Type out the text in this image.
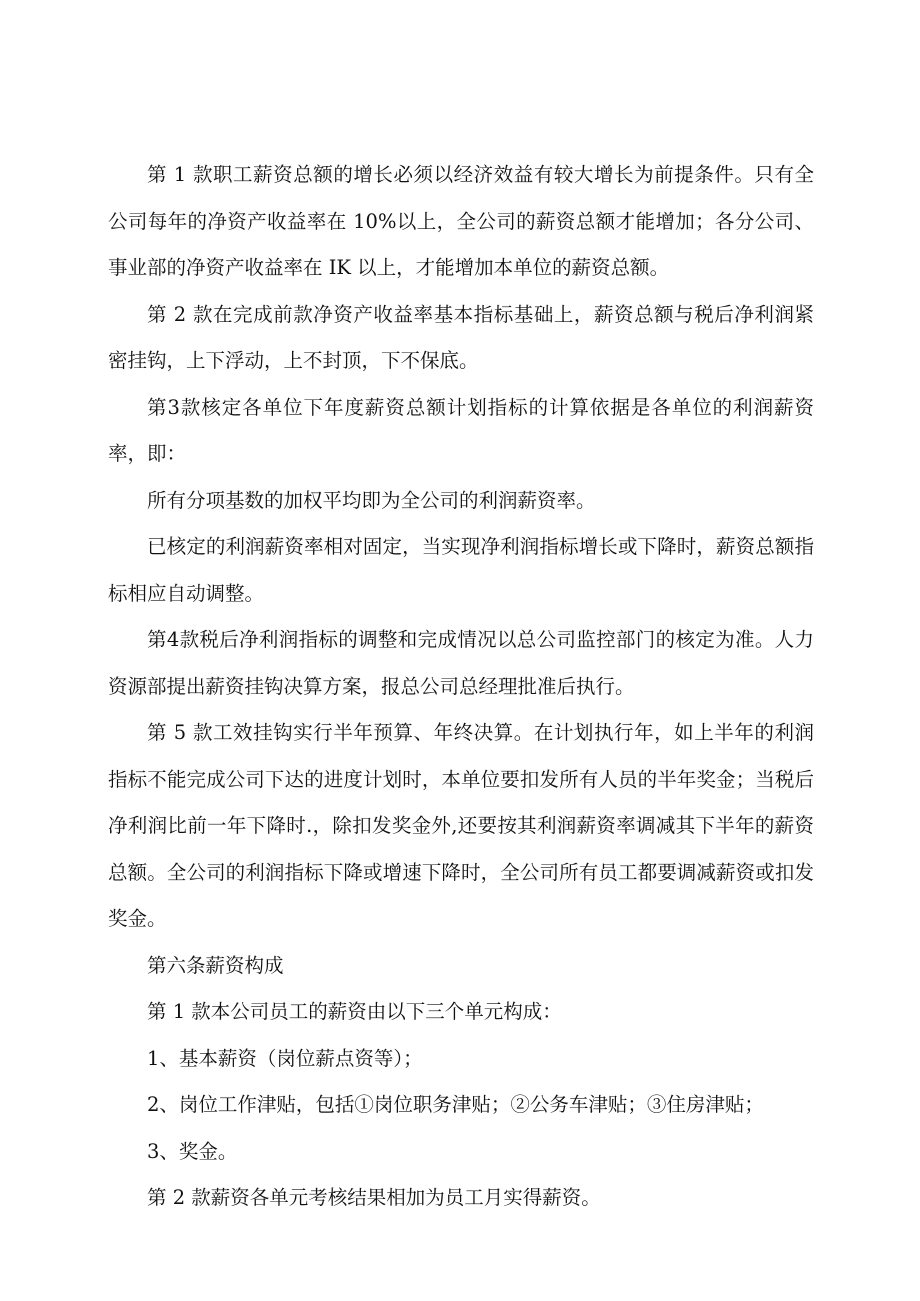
第 1 款职工薪资总额的增长必须以经济效益有较大增长为前提条件。只有全公司每年的净资产收益率在 10%以上，全公司的薪资总额才能增加；各分公司、事业部的净资产收益率在 IK 以上，才能增加本单位的薪资总额。

第 2 款在完成前款净资产收益率基本指标基础上，薪资总额与税后净利润紧密挂钩，上下浮动，上不封顶，下不保底。

第3款核定各单位下年度薪资总额计划指标的计算依据是各单位的利润薪资率，即：

所有分项基数的加权平均即为全公司的利润薪资率。

已核定的利润薪资率相对固定，当实现净利润指标增长或下降时，薪资总额指标相应自动调整。

第4款税后净利润指标的调整和完成情况以总公司监控部门的核定为准。人力资源部提出薪资挂钩决算方案，报总公司总经理批准后执行。

第 5 款工效挂钩实行半年预算、年终决算。在计划执行年，如上半年的利润指标不能完成公司下达的进度计划时，本单位要扣发所有人员的半年奖金；当税后净利润比前一年下降时.，除扣发奖金外,还要按其利润薪资率调减其下半年的薪资总额。全公司的利润指标下降或增速下降时，全公司所有员工都要调减薪资或扣发奖金。

第六条薪资构成

第 1 款本公司员工的薪资由以下三个单元构成：

1、基本薪资（岗位薪点资等）；

2、岗位工作津贴，包括①岗位职务津贴；②公务车津贴；③住房津贴；

3、奖金。

第 2 款薪资各单元考核结果相加为员工月实得薪资。
